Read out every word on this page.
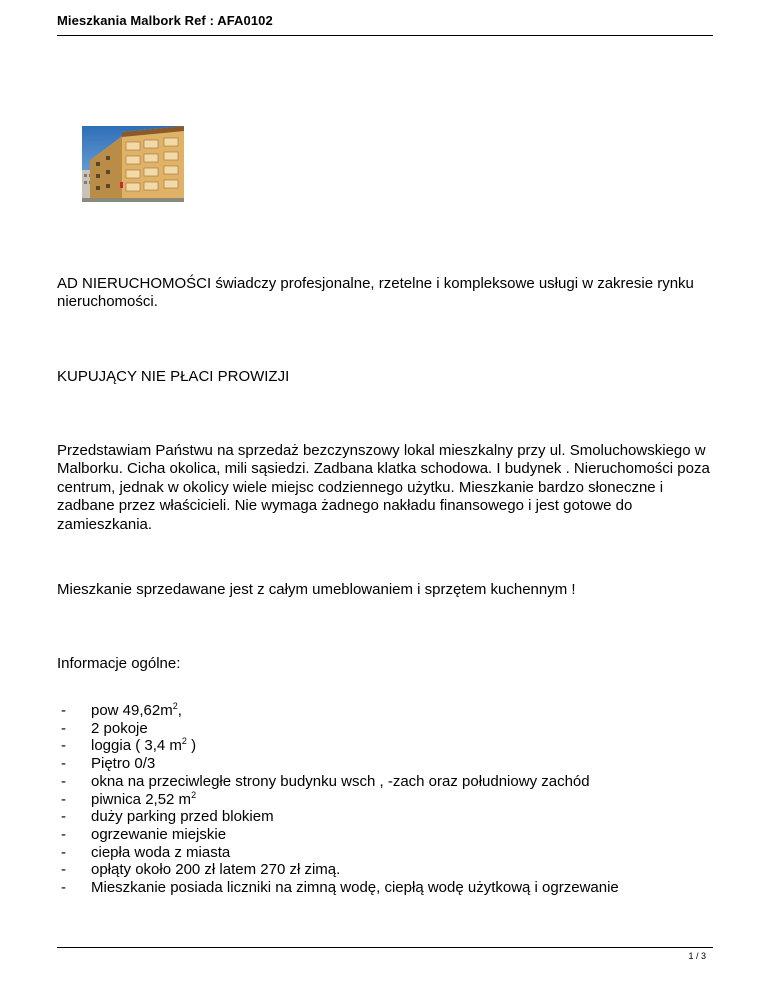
Mieszkania Malbork Ref : AFA0102
AD NIERUCHOMOŚCI świadczy profesjonalne, rzetelne i kompleksowe usługi w zakresie rynku nieruchomości.
KUPUJĄCY NIE PŁACI PROWIZJI
Przedstawiam Państwu na sprzedaż bezczynszowy lokal mieszkalny przy ul. Smoluchowskiego w Malborku. Cicha okolica, mili sąsiedzi. Zadbana klatka schodowa. I budynek . Nieruchomości poza centrum, jednak w okolicy wiele miejsc codziennego użytku. Mieszkanie bardzo słoneczne i zadbane przez właścicieli. Nie wymaga żadnego nakładu finansowego i jest gotowe do zamieszkania.
Mieszkanie sprzedawane jest z całym umeblowaniem i sprzętem kuchennym !
Informacje ogólne:
- pow $49,62m^2$,
- 2 pokoje
- loggia ( 3,4 $m^2$ )
- Piętro 0/3
- okna na przeciwległe strony budynku wsch , -zach oraz południowy zachód
- piwnica 2,52 $m^2$
- duży parking przed blokiem
- ogrzewanie miejskie
- ciepła woda z miasta
- opłąty około 200 zł latem 270 zł zimą.
- Mieszkanie posiada liczniki na zimną wodę, ciepłą wodę użytkową i ogrzewanie
1 / 3
